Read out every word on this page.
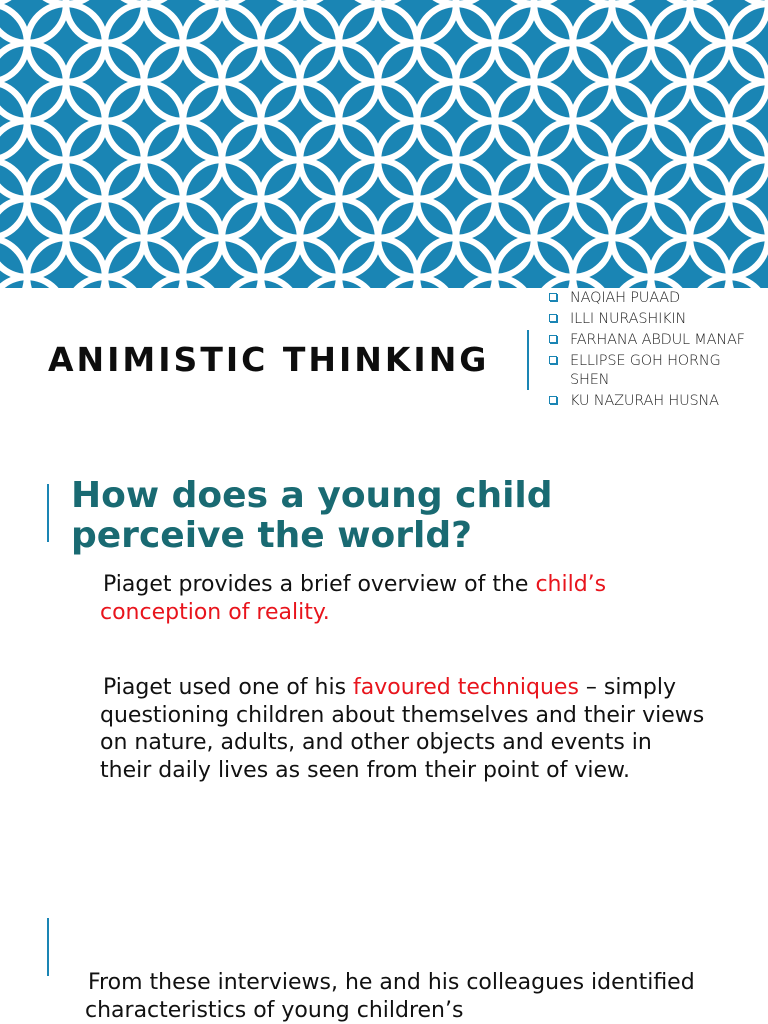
ANIMISTIC THINKING
NAQIAH PUAAD
ILLI NURASHIKIN
FARHANA ABDUL MANAF
ELLIPSE GOH HORNG SHEN
KU NAZURAH HUSNA
How does a young child perceive the world?

Piaget provides a brief overview of the child’s conception of reality.

Piaget used one of his favoured techniques – simply questioning children about themselves and their views on nature, adults, and other objects and events in their daily lives as seen from their point of view.

From these interviews, he and his colleagues identified characteristics of young children’s
